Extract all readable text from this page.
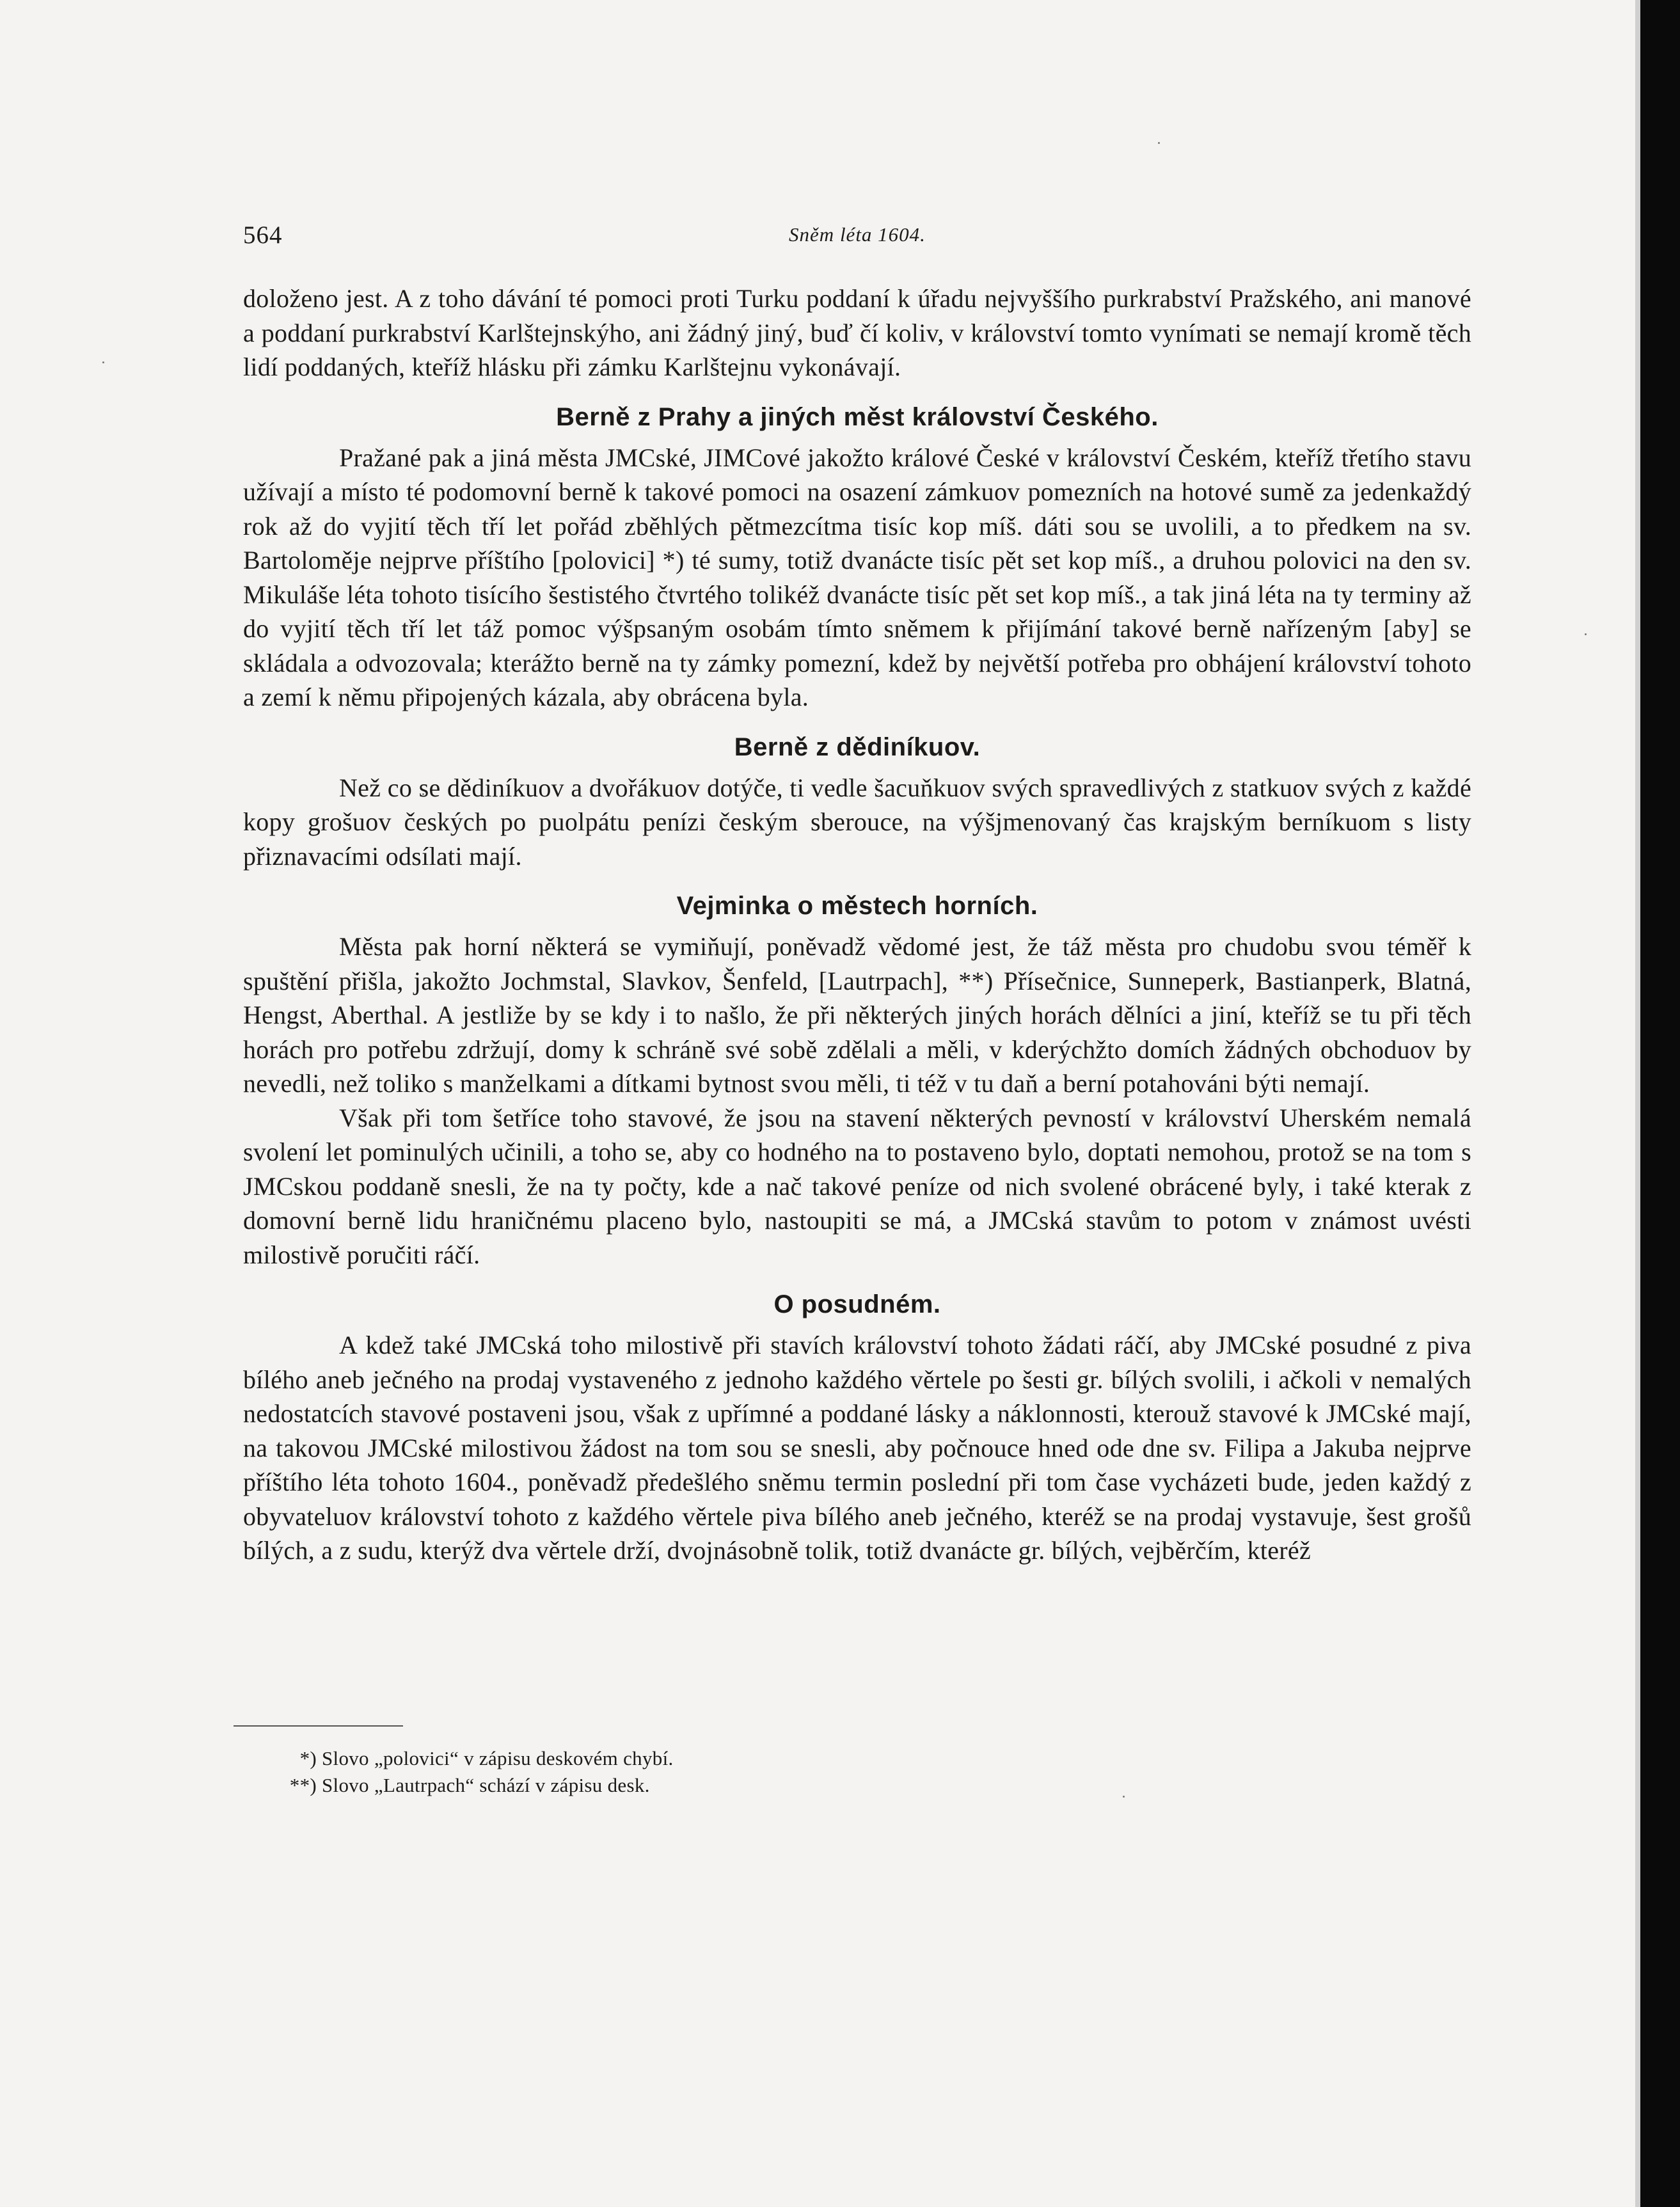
564	Sněm léta 1604.

doloženo jest. A z toho dávání té pomoci proti Turku poddaní k úřadu nejvyššího purkrabství Pražského, ani manové a poddaní purkrabství Karlštejnskýho, ani žádný jiný, buď čí koliv, v království tomto vynímati se nemají kromě těch lidí poddaných, kteříž hlásku při zámku Karlštejnu vykonávají.

Berně z Prahy a jiných měst království Českého.

Pražané pak a jiná města JMCské, JIMCové jakožto králové České v království Českém, kteříž třetího stavu užívají a místo té podomovní berně k takové pomoci na osazení zámkuov pomezních na hotové sumě za jedenkaždý rok až do vyjití těch tří let pořád zběhlých pětmezcítma tisíc kop míš. dáti sou se uvolili, a to předkem na sv. Bartoloměje nejprve příštího [polovici] *) té sumy, totiž dvanácte tisíc pět set kop míš., a druhou polovici na den sv. Mikuláše léta tohoto tisícího šestistého čtvrtého tolikéž dvanácte tisíc pět set kop míš., a tak jiná léta na ty terminy až do vyjití těch tří let táž pomoc výšpsaným osobám tímto sněmem k přijímání takové berně nařízeným [aby] se skládala a odvozovala; kterážto berně na ty zámky pomezní, kdež by největší potřeba pro obhájení království tohoto a zemí k němu připojených kázala, aby obrácena byla.

Berně z dědiníkuov.

Než co se dědiníkuov a dvořákuov dotýče, ti vedle šacuňkuov svých spravedlivých z statkuov svých z každé kopy grošuov českých po puolpátu penízi českým sberouce, na výšjmenovaný čas krajským berníkuom s listy přiznavacími odsílati mají.

Vejminka o městech horních.

Města pak horní některá se vymiňují, poněvadž vědomé jest, že táž města pro chudobu svou téměř k spuštění přišla, jakožto Jochmstal, Slavkov, Šenfeld, [Lautrpach], **) Přísečnice, Sunneperk, Bastianperk, Blatná, Hengst, Aberthal. A jestliže by se kdy i to našlo, že při některých jiných horách dělníci a jiní, kteříž se tu při těch horách pro potřebu zdržují, domy k schráně své sobě zdělali a měli, v kderýchžto domích žádných obchoduov by nevedli, než toliko s manželkami a dítkami bytnost svou měli, ti též v tu daň a berní potahováni býti nemají.

Však při tom šetříce toho stavové, že jsou na stavení některých pevností v království Uherském nemalá svolení let pominulých učinili, a toho se, aby co hodného na to postaveno bylo, doptati nemohou, protož se na tom s JMCskou poddaně snesli, že na ty počty, kde a nač takové peníze od nich svolené obrácené byly, i také kterak z domovní berně lidu hraničnému placeno bylo, nastoupiti se má, a JMCská stavům to potom v známost uvésti milostivě poručiti ráčí.

O posudném.

A kdež také JMCská toho milostivě při stavích království tohoto žádati ráčí, aby JMCské posudné z piva bílého aneb ječného na prodaj vystaveného z jednoho každého věrtele po šesti gr. bílých svolili, i ačkoli v nemalých nedostatcích stavové postaveni jsou, však z upřímné a poddané lásky a náklonnosti, kterouž stavové k JMCské mají, na takovou JMCské milostivou žádost na tom sou se snesli, aby počnouce hned ode dne sv. Filipa a Jakuba nejprve příštího léta tohoto 1604., poněvadž předešlého sněmu termin poslední při tom čase vycházeti bude, jeden každý z obyvateluov království tohoto z každého věrtele piva bílého aneb ječného, kteréž se na prodaj vystavuje, šest grošů bílých, a z sudu, kterýž dva věrtele drží, dvojnásobně tolik, totiž dvanácte gr. bílých, vejběrčím, kteréž

*) Slovo „polovici“ v zápisu deskovém chybí.
**) Slovo „Lautrpach“ schází v zápisu desk.
